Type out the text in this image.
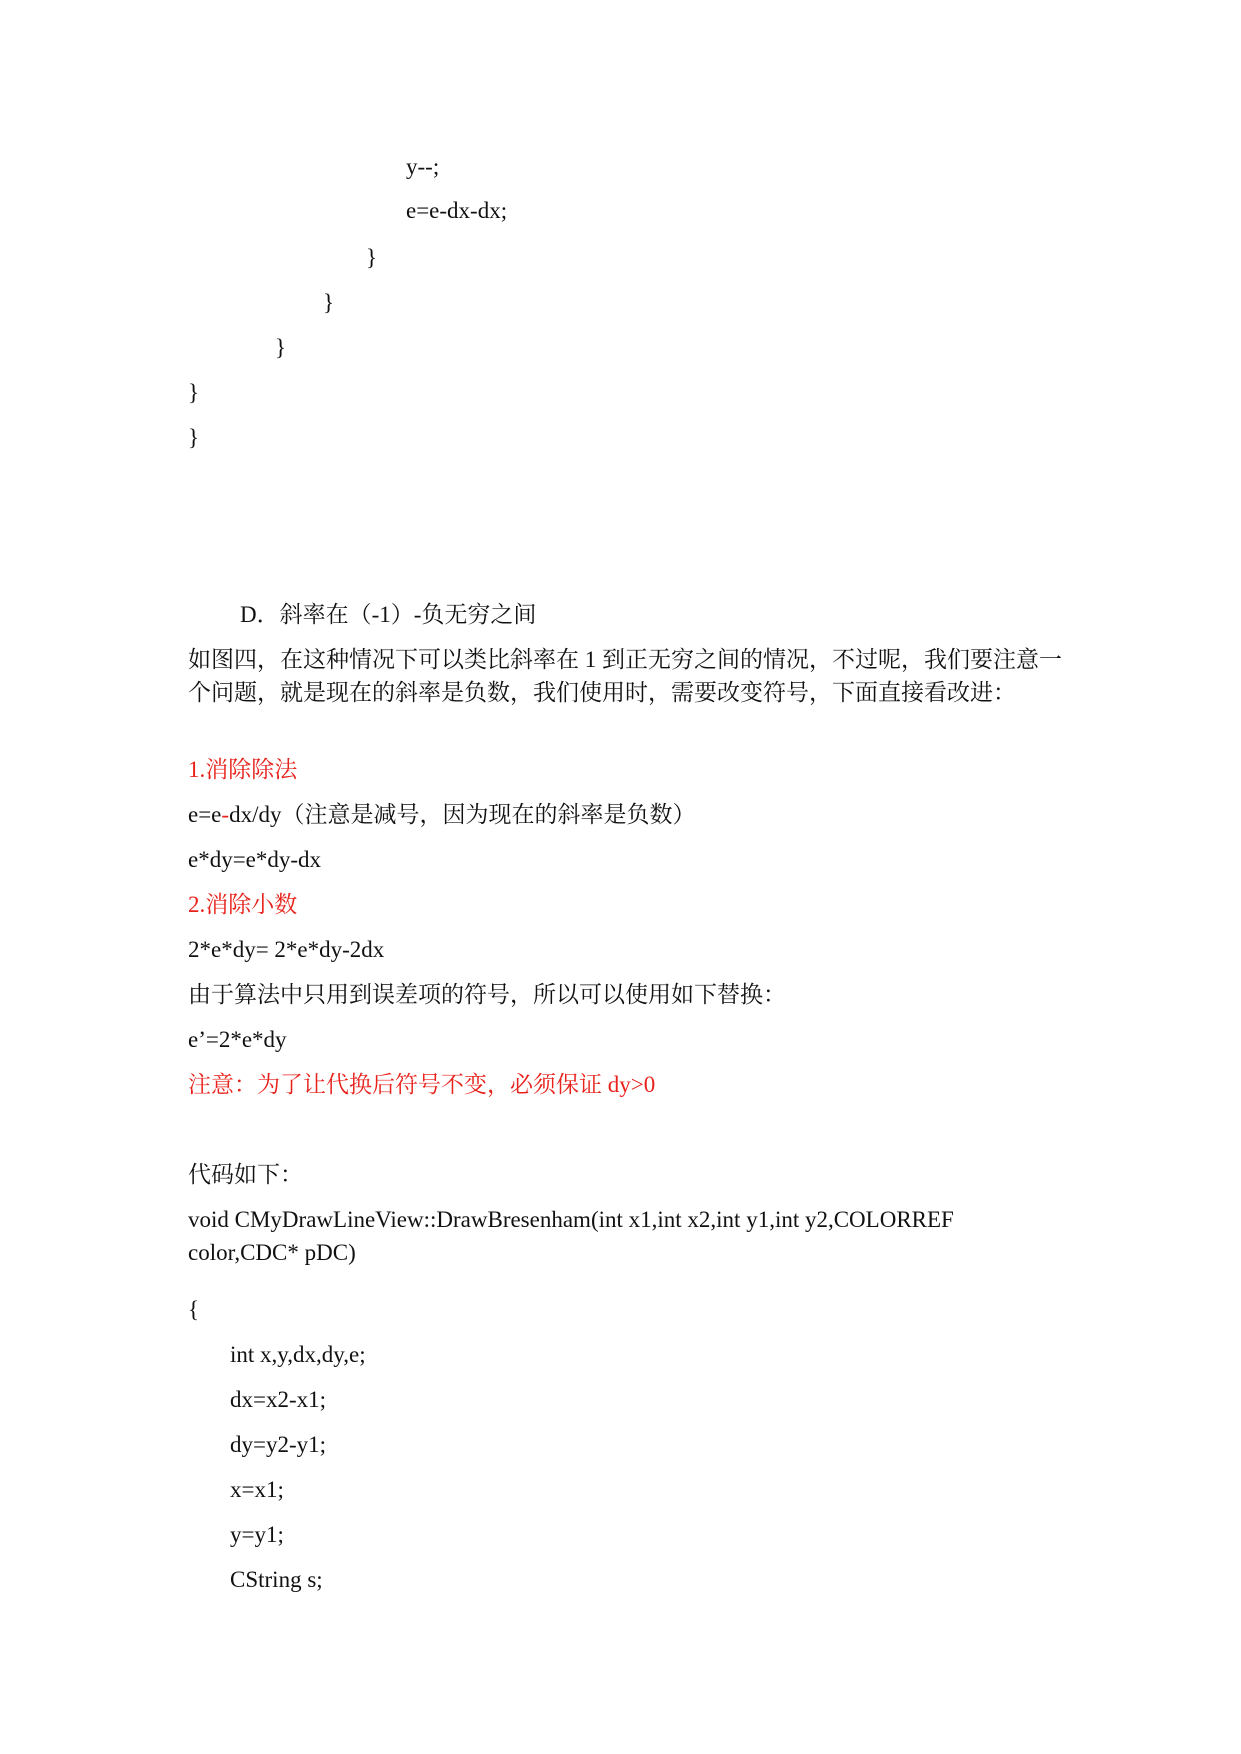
y--;
e=e-dx-dx;
}
}
}
}
}
D．斜率在（-1）-负无穷之间
如图四，在这种情况下可以类比斜率在 1 到正无穷之间的情况，不过呢，我们要注意一个问题，就是现在的斜率是负数，我们使用时，需要改变符号，下面直接看改进：
1.消除除法
e=e-dx/dy（注意是减号，因为现在的斜率是负数）
e*dy=e*dy-dx
2.消除小数
2*e*dy= 2*e*dy-2dx
由于算法中只用到误差项的符号，所以可以使用如下替换：
e’=2*e*dy
注意：为了让代换后符号不变，必须保证 dy>0
代码如下：
void CMyDrawLineView::DrawBresenham(int x1,int x2,int y1,int y2,COLORREF color,CDC* pDC)
{
int x,y,dx,dy,e;
dx=x2-x1;
dy=y2-y1;
x=x1;
y=y1;
CString s;
